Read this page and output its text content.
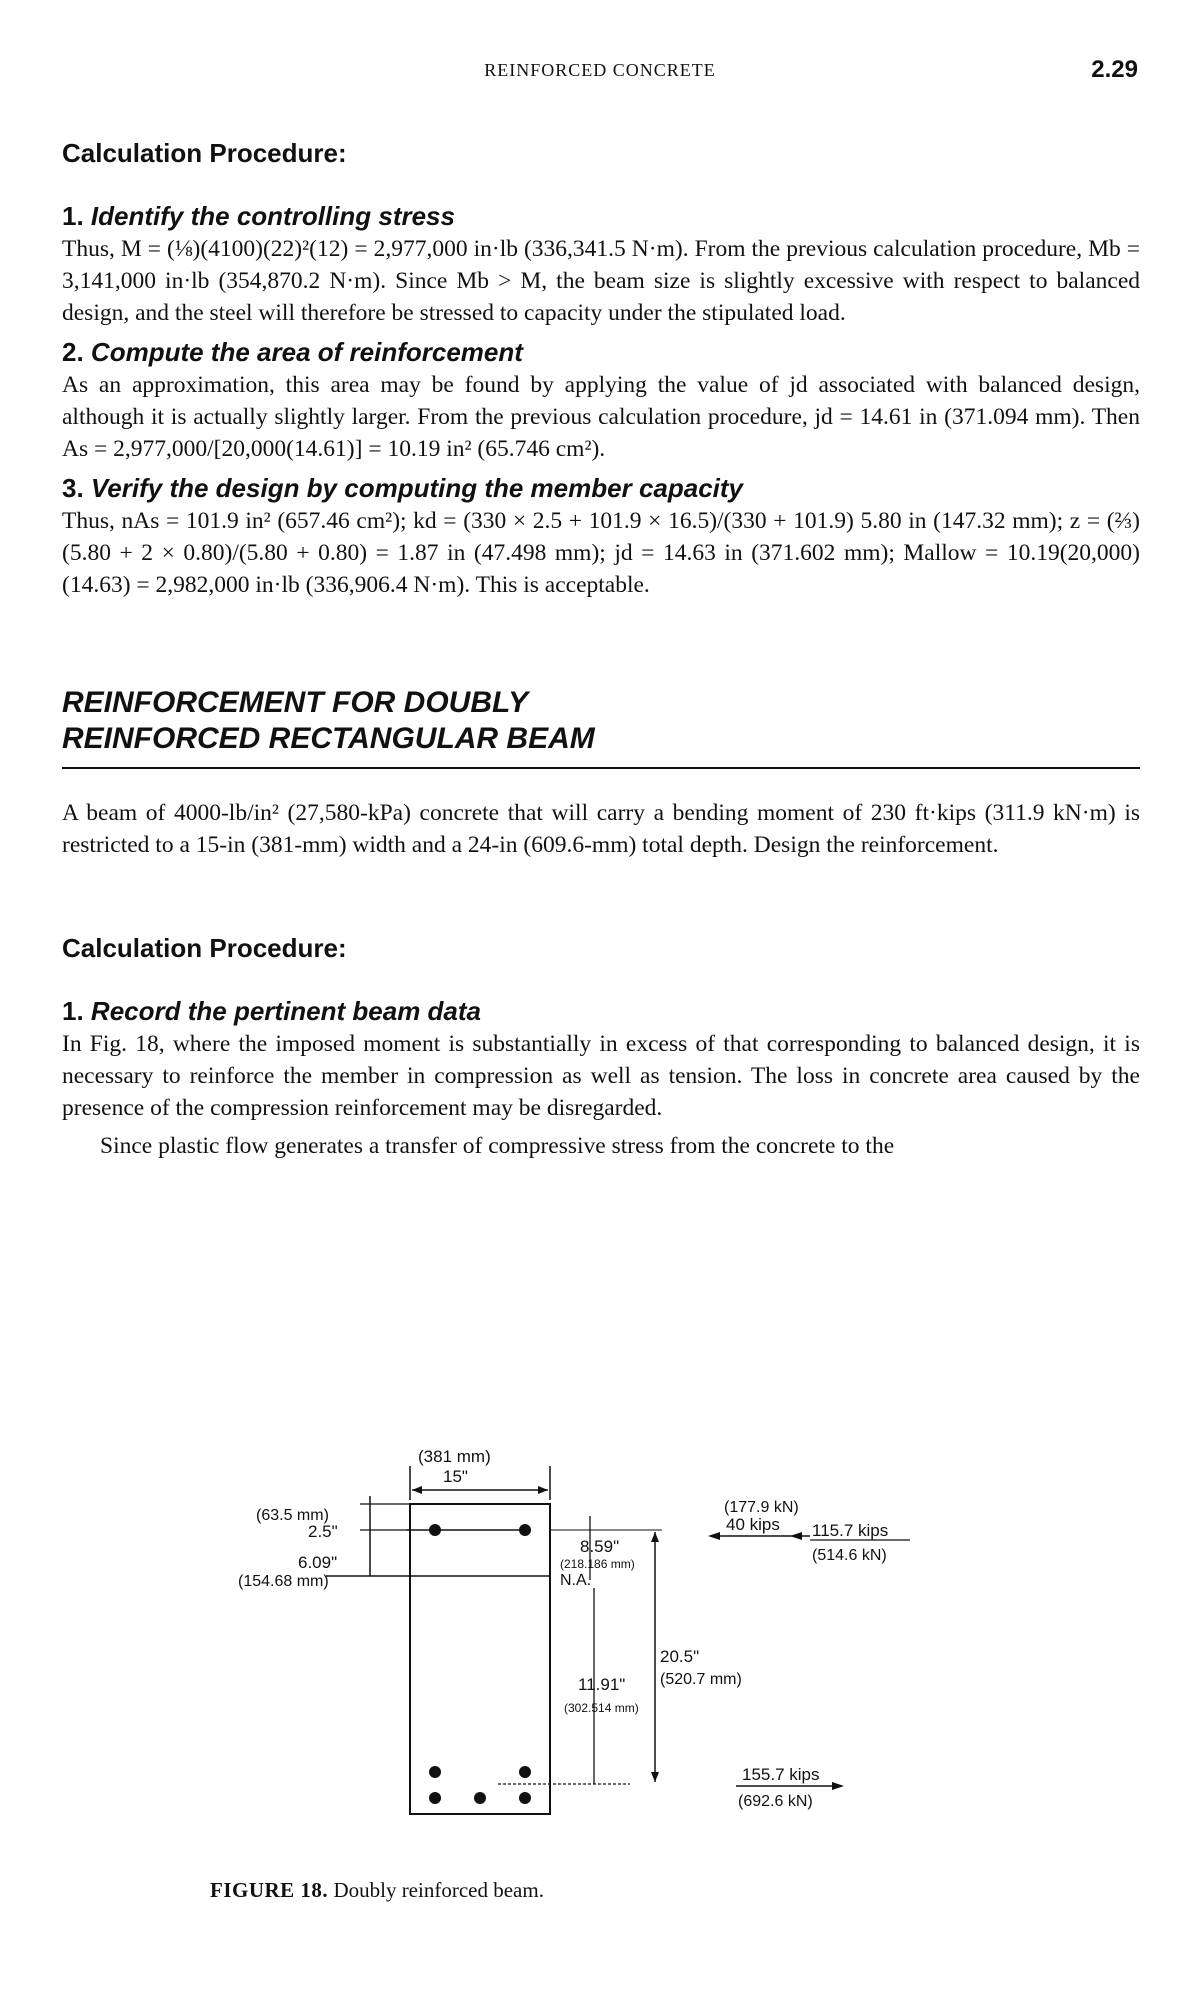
REINFORCED CONCRETE	2.29
Calculation Procedure:
1. Identify the controlling stress

Thus, M = (⅛)(4100)(22)²(12) = 2,977,000 in·lb (336,341.5 N·m). From the previous calculation procedure, Mb = 3,141,000 in·lb (354,870.2 N·m). Since Mb > M, the beam size is slightly excessive with respect to balanced design, and the steel will therefore be stressed to capacity under the stipulated load.

2. Compute the area of reinforcement

As an approximation, this area may be found by applying the value of jd associated with balanced design, although it is actually slightly larger. From the previous calculation procedure, jd = 14.61 in (371.094 mm). Then As = 2,977,000/[20,000(14.61)] = 10.19 in² (65.746 cm²).

3. Verify the design by computing the member capacity

Thus, nAs = 101.9 in² (657.46 cm²); kd = (330 × 2.5 + 101.9 × 16.5)/(330 + 101.9) 5.80 in (147.32 mm); z = (⅔)(5.80 + 2 × 0.80)/(5.80 + 0.80) = 1.87 in (47.498 mm); jd = 14.63 in (371.602 mm); Mallow = 10.19(20,000)(14.63) = 2,982,000 in·lb (336,906.4 N·m). This is acceptable.

REINFORCEMENT FOR DOUBLY
REINFORCED RECTANGULAR BEAM

A beam of 4000-lb/in² (27,580-kPa) concrete that will carry a bending moment of 230 ft·kips (311.9 kN·m) is restricted to a 15-in (381-mm) width and a 24-in (609.6-mm) total depth. Design the reinforcement.

Calculation Procedure:
1. Record the pertinent beam data

In Fig. 18, where the imposed moment is substantially in excess of that corresponding to balanced design, it is necessary to reinforce the member in compression as well as tension. The loss in concrete area caused by the presence of the compression reinforcement may be disregarded.

Since plastic flow generates a transfer of compressive stress from the concrete to the

(381 mm)
15"
(63.5 mm)
2.5"
6.09"
(154.68 mm)
8.59"
(218.186 mm)
N.A.
11.91"
(302.514 mm)
20.5"
(520.7 mm)
(177.9 kN)
40 kips 115.7 kips
(514.6 kN)
155.7 kips
(692.6 kN)
FIGURE 18. Doubly reinforced beam.
